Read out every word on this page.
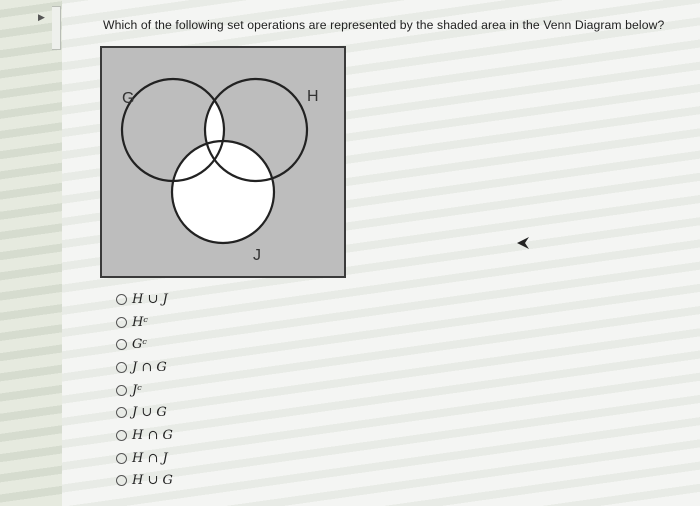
▶

Which of the following set operations are represented by the shaded area in the Venn Diagram below?

G	H
J
H ∪ J
Hᶜ
Gᶜ
J ∩ G
Jᶜ
J ∪ G
H ∩ G
H ∩ J
H ∪ G
